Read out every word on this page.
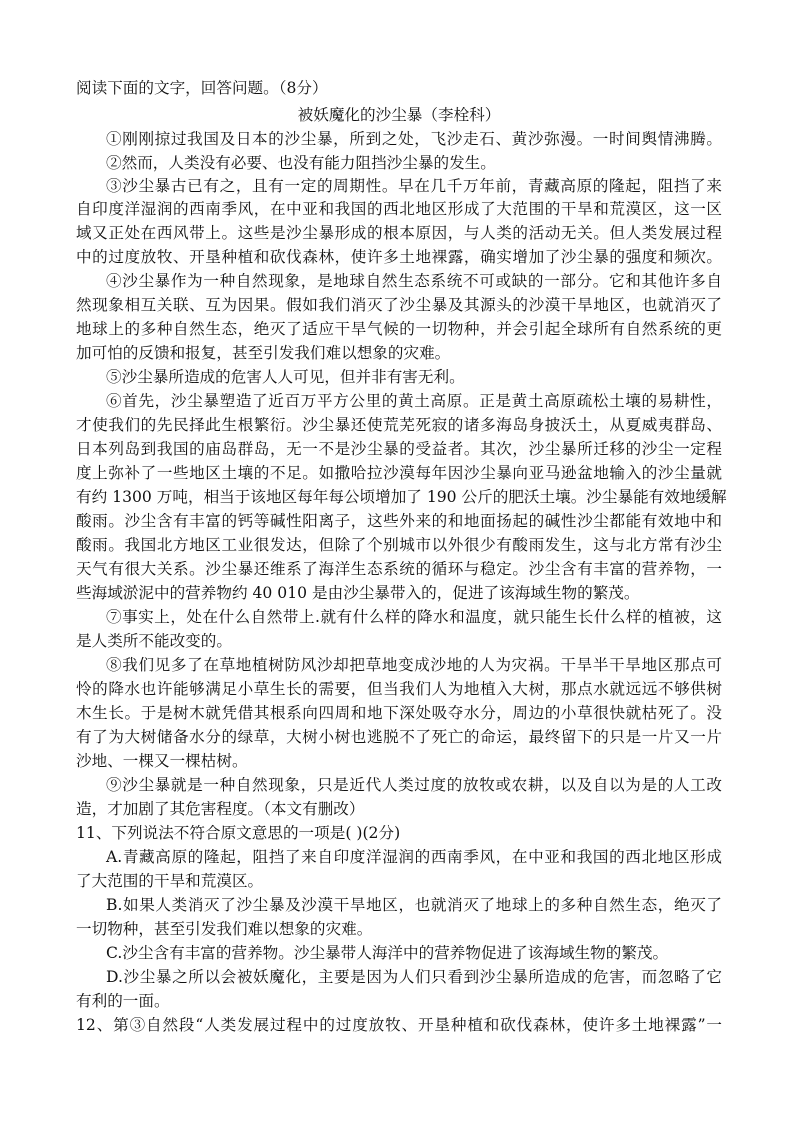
阅读下面的文字，回答问题。（8分）
被妖魔化的沙尘暴（李栓科）
①刚刚掠过我国及日本的沙尘暴，所到之处，飞沙走石、黄沙弥漫。一时间舆情沸腾。
②然而，人类没有必要、也没有能力阻挡沙尘暴的发生。
③沙尘暴古已有之，且有一定的周期性。早在几千万年前，青藏高原的隆起，阻挡了来
自印度洋湿润的西南季风，在中亚和我国的西北地区形成了大范围的干旱和荒漠区，这一区
域又正处在西风带上。这些是沙尘暴形成的根本原因，与人类的活动无关。但人类发展过程
中的过度放牧、开垦种植和砍伐森林，使许多土地裸露，确实增加了沙尘暴的强度和频次。
④沙尘暴作为一种自然现象，是地球自然生态系统不可或缺的一部分。它和其他许多自
然现象相互关联、互为因果。假如我们消灭了沙尘暴及其源头的沙漠干旱地区，也就消灭了
地球上的多种自然生态，绝灭了适应干旱气候的一切物种，并会引起全球所有自然系统的更
加可怕的反馈和报复，甚至引发我们难以想象的灾难。
⑤沙尘暴所造成的危害人人可见，但并非有害无利。
⑥首先，沙尘暴塑造了近百万平方公里的黄土高原。正是黄土高原疏松土壤的易耕性，
才使我们的先民择此生根繁衍。沙尘暴还使荒芜死寂的诸多海岛身披沃土，从夏威夷群岛、
日本列岛到我国的庙岛群岛，无一不是沙尘暴的受益者。其次，沙尘暴所迁移的沙尘一定程
度上弥补了一些地区土壤的不足。如撒哈拉沙漠每年因沙尘暴向亚马逊盆地输入的沙尘量就
有约 1300 万吨，相当于该地区每年每公顷增加了 190 公斤的肥沃土壤。沙尘暴能有效地缓解
酸雨。沙尘含有丰富的钙等碱性阳离子，这些外来的和地面扬起的碱性沙尘都能有效地中和
酸雨。我国北方地区工业很发达，但除了个别城市以外很少有酸雨发生，这与北方常有沙尘
天气有很大关系。沙尘暴还维系了海洋生态系统的循环与稳定。沙尘含有丰富的营养物，一
些海域淤泥中的营养物约 40 010 是由沙尘暴带入的，促进了该海域生物的繁茂。
⑦事实上，处在什么自然带上.就有什么样的降水和温度，就只能生长什么样的植被，这
是人类所不能改变的。
⑧我们见多了在草地植树防风沙却把草地变成沙地的人为灾祸。干旱半干旱地区那点可
怜的降水也许能够满足小草生长的需要，但当我们人为地植入大树，那点水就远远不够供树
木生长。于是树木就凭借其根系向四周和地下深处吸夺水分，周边的小草很快就枯死了。没
有了为大树储备水分的绿草，大树小树也逃脱不了死亡的命运，最终留下的只是一片又一片
沙地、一棵又一棵枯树。
⑨沙尘暴就是一种自然现象，只是近代人类过度的放牧或农耕，以及自以为是的人工改
造，才加剧了其危害程度。（本文有删改）
11、下列说法不符合原文意思的一项是( )(2分)
A.青藏高原的隆起，阻挡了来自印度洋湿润的西南季风，在中亚和我国的西北地区形成
了大范围的干旱和荒漠区。
B.如果人类消灭了沙尘暴及沙漠干旱地区，也就消灭了地球上的多种自然生态，绝灭了
一切物种，甚至引发我们难以想象的灾难。
C.沙尘含有丰富的营养物。沙尘暴带人海洋中的营养物促进了该海域生物的繁茂。
D.沙尘暴之所以会被妖魔化，主要是因为人们只看到沙尘暴所造成的危害，而忽略了它
有利的一面。
12、第③自然段“人类发展过程中的过度放牧、开垦种植和砍伐森林，使许多土地裸露”一
